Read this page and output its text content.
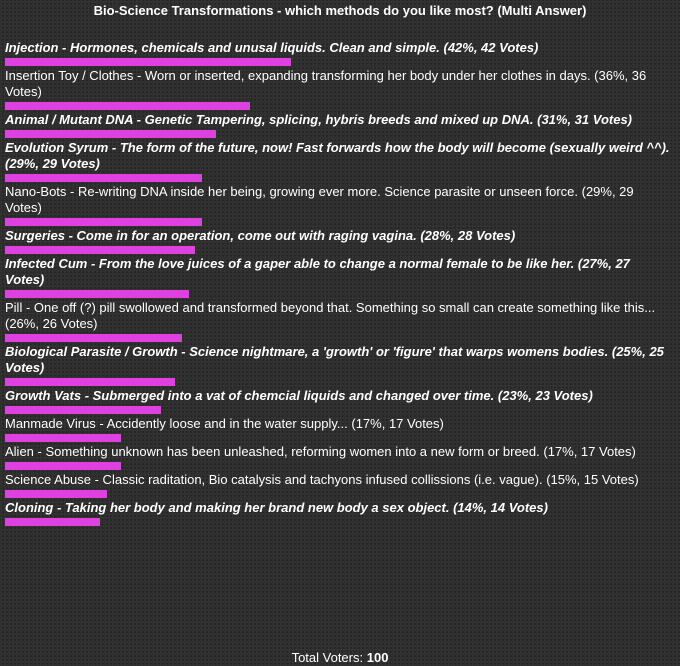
Bio-Science Transformations - which methods do you like most? (Multi Answer)
Injection - Hormones, chemicals and unusal liquids. Clean and simple. (42%, 42 Votes)
Insertion Toy / Clothes - Worn or inserted, expanding transforming her body under her clothes in days. (36%, 36 Votes)
Animal / Mutant DNA - Genetic Tampering, splicing, hybris breeds and mixed up DNA. (31%, 31 Votes)
Evolution Syrum - The form of the future, now! Fast forwards how the body will become (sexually weird ^^). (29%, 29 Votes)
Nano-Bots - Re-writing DNA inside her being, growing ever more. Science parasite or unseen force. (29%, 29 Votes)
Surgeries - Come in for an operation, come out with raging vagina. (28%, 28 Votes)
Infected Cum - From the love juices of a gaper able to change a normal female to be like her. (27%, 27 Votes)
Pill - One off (?) pill swollowed and transformed beyond that. Something so small can create something like this... (26%, 26 Votes)
Biological Parasite / Growth - Science nightmare, a 'growth' or 'figure' that warps womens bodies. (25%, 25 Votes)
Growth Vats - Submerged into a vat of chemcial liquids and changed over time. (23%, 23 Votes)
Manmade Virus - Accidently loose and in the water supply... (17%, 17 Votes)
Alien - Something unknown has been unleashed, reforming women into a new form or breed. (17%, 17 Votes)
Science Abuse - Classic raditation, Bio catalysis and tachyons infused collissions (i.e. vague). (15%, 15 Votes)
Cloning - Taking her body and making her brand new body a sex object. (14%, 14 Votes)
Total Voters: 100
